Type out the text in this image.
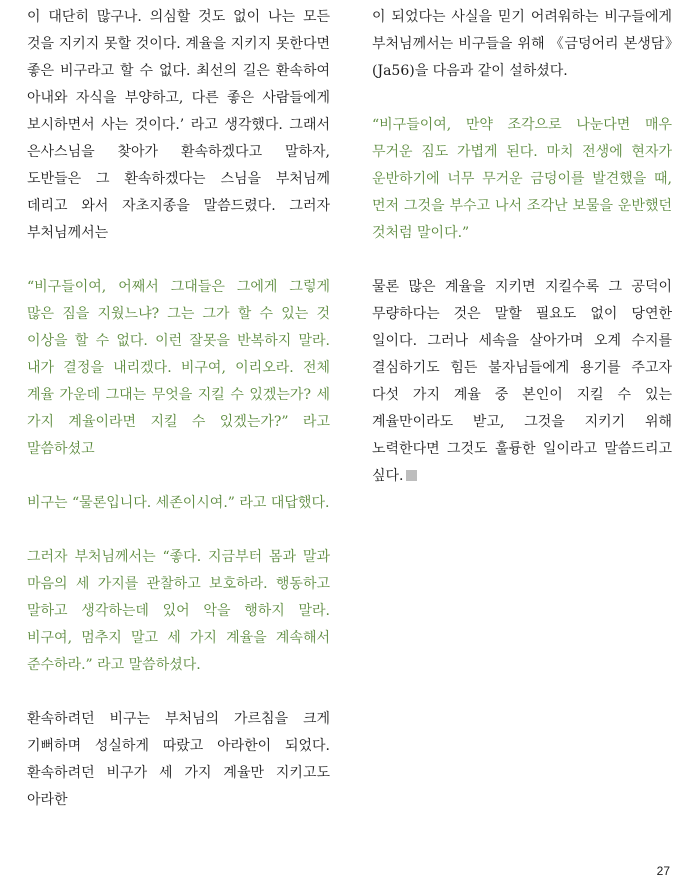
이 대단히 많구나. 의심할 것도 없이 나는 모든 것을 지키지 못할 것이다. 계율을 지키지 못한다면 좋은 비구라고 할 수 없다. 최선의 길은 환속하여 아내와 자식을 부양하고, 다른 좋은 사람들에게 보시하면서 사는 것이다.’ 라고 생각했다. 그래서 은사스님을 찾아가 환속하겠다고 말하자, 도반들은 그 환속하겠다는 스님을 부처님께 데리고 와서 자초지종을 말씀드렸다. 그러자 부처님께서는

“비구들이여, 어째서 그대들은 그에게 그렇게 많은 짐을 지웠느냐? 그는 그가 할 수 있는 것 이상을 할 수 없다. 이런 잘못을 반복하지 말라. 내가 결정을 내리겠다. 비구여, 이리오라. 전체 계율 가운데 그대는 무엇을 지킬 수 있겠는가? 세 가지 계율이라면 지킬 수 있겠는가?” 라고 말씀하셨고

비구는 “물론입니다. 세존이시여.” 라고 대답했다.

그러자 부처님께서는 “좋다. 지금부터 몸과 말과 마음의 세 가지를 관찰하고 보호하라. 행동하고 말하고 생각하는데 있어 악을 행하지 말라. 비구여, 멈추지 말고 세 가지 계율을 계속해서 준수하라.” 라고 말씀하셨다.

환속하려던 비구는 부처님의 가르침을 크게 기뻐하며 성실하게 따랐고 아라한이 되었다. 환속하려던 비구가 세 가지 계율만 지키고도 아라한

이 되었다는 사실을 믿기 어려워하는 비구들에게 부처님께서는 비구들을 위해 《금덩어리 본생담》(Ja56)을 다음과 같이 설하셨다.

“비구들이여, 만약 조각으로 나눈다면 매우 무거운 짐도 가볍게 된다. 마치 전생에 현자가 운반하기에 너무 무거운 금덩이를 발견했을 때, 먼저 그것을 부수고 나서 조각난 보물을 운반했던 것처럼 말이다.”

물론 많은 계율을 지키면 지킬수록 그 공덕이 무량하다는 것은 말할 필요도 없이 당연한 일이다. 그러나 세속을 살아가며 오계 수지를 결심하기도 힘든 불자님들에게 용기를 주고자 다섯 가지 계율 중 본인이 지킬 수 있는 계율만이라도 받고, 그것을 지키기 위해 노력한다면 그것도 훌륭한 일이라고 말씀드리고 싶다.

27
